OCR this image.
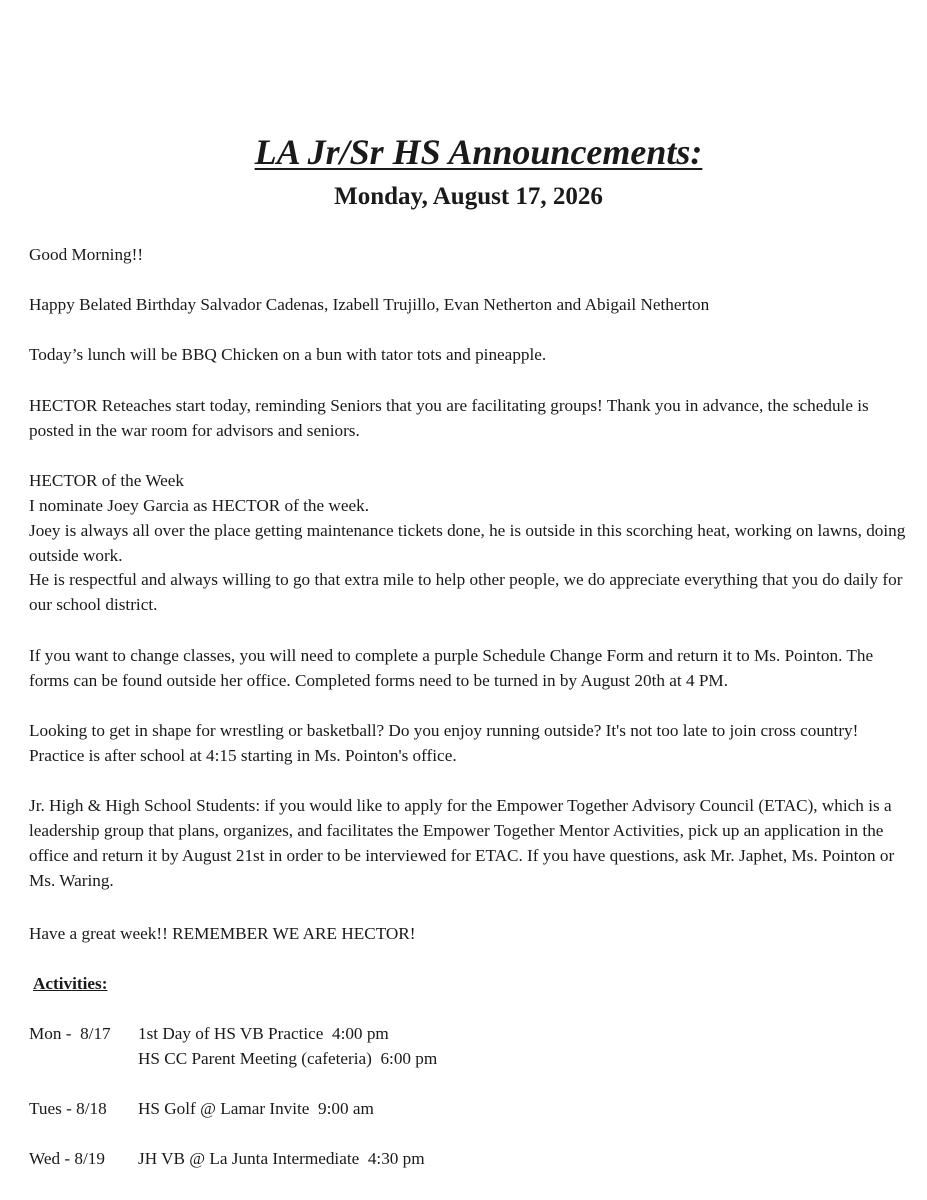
LA Jr/Sr HS Announcements:
Monday, August 17, 2026

Good Morning!!

Happy Belated Birthday Salvador Cadenas, Izabell Trujillo, Evan Netherton and Abigail Netherton

Today’s lunch will be BBQ Chicken on a bun with tator tots and pineapple.

HECTOR Reteaches start today, reminding Seniors that you are facilitating groups! Thank you in advance, the schedule is posted in the war room for advisors and seniors.

HECTOR of the Week

I nominate Joey Garcia as HECTOR of the week.

Joey is always all over the place getting maintenance tickets done, he is outside in this scorching heat, working on lawns, doing outside work.

He is respectful and always willing to go that extra mile to help other people, we do appreciate everything that you do daily for our school district.

If you want to change classes, you will need to complete a purple Schedule Change Form and return it to Ms. Pointon. The forms can be found outside her office. Completed forms need to be turned in by August 20th at 4 PM.

Looking to get in shape for wrestling or basketball? Do you enjoy running outside? It's not too late to join cross country! Practice is after school at 4:15 starting in Ms. Pointon's office.

Jr. High & High School Students: if you would like to apply for the Empower Together Advisory Council (ETAC), which is a leadership group that plans, organizes, and facilitates the Empower Together Mentor Activities, pick up an application in the office and return it by August 21st in order to be interviewed for ETAC. If you have questions, ask Mr. Japhet, Ms. Pointon or Ms. Waring.

Have a great week!! REMEMBER WE ARE HECTOR!

Activities:
Mon -  8/17 1st Day of HS VB Practice  4:00 pm
HS CC Parent Meeting (cafeteria)  6:00 pm
Tues - 8/18 HS Golf @ Lamar Invite  9:00 am
Wed - 8/19 JH VB @ La Junta Intermediate  4:30 pm
